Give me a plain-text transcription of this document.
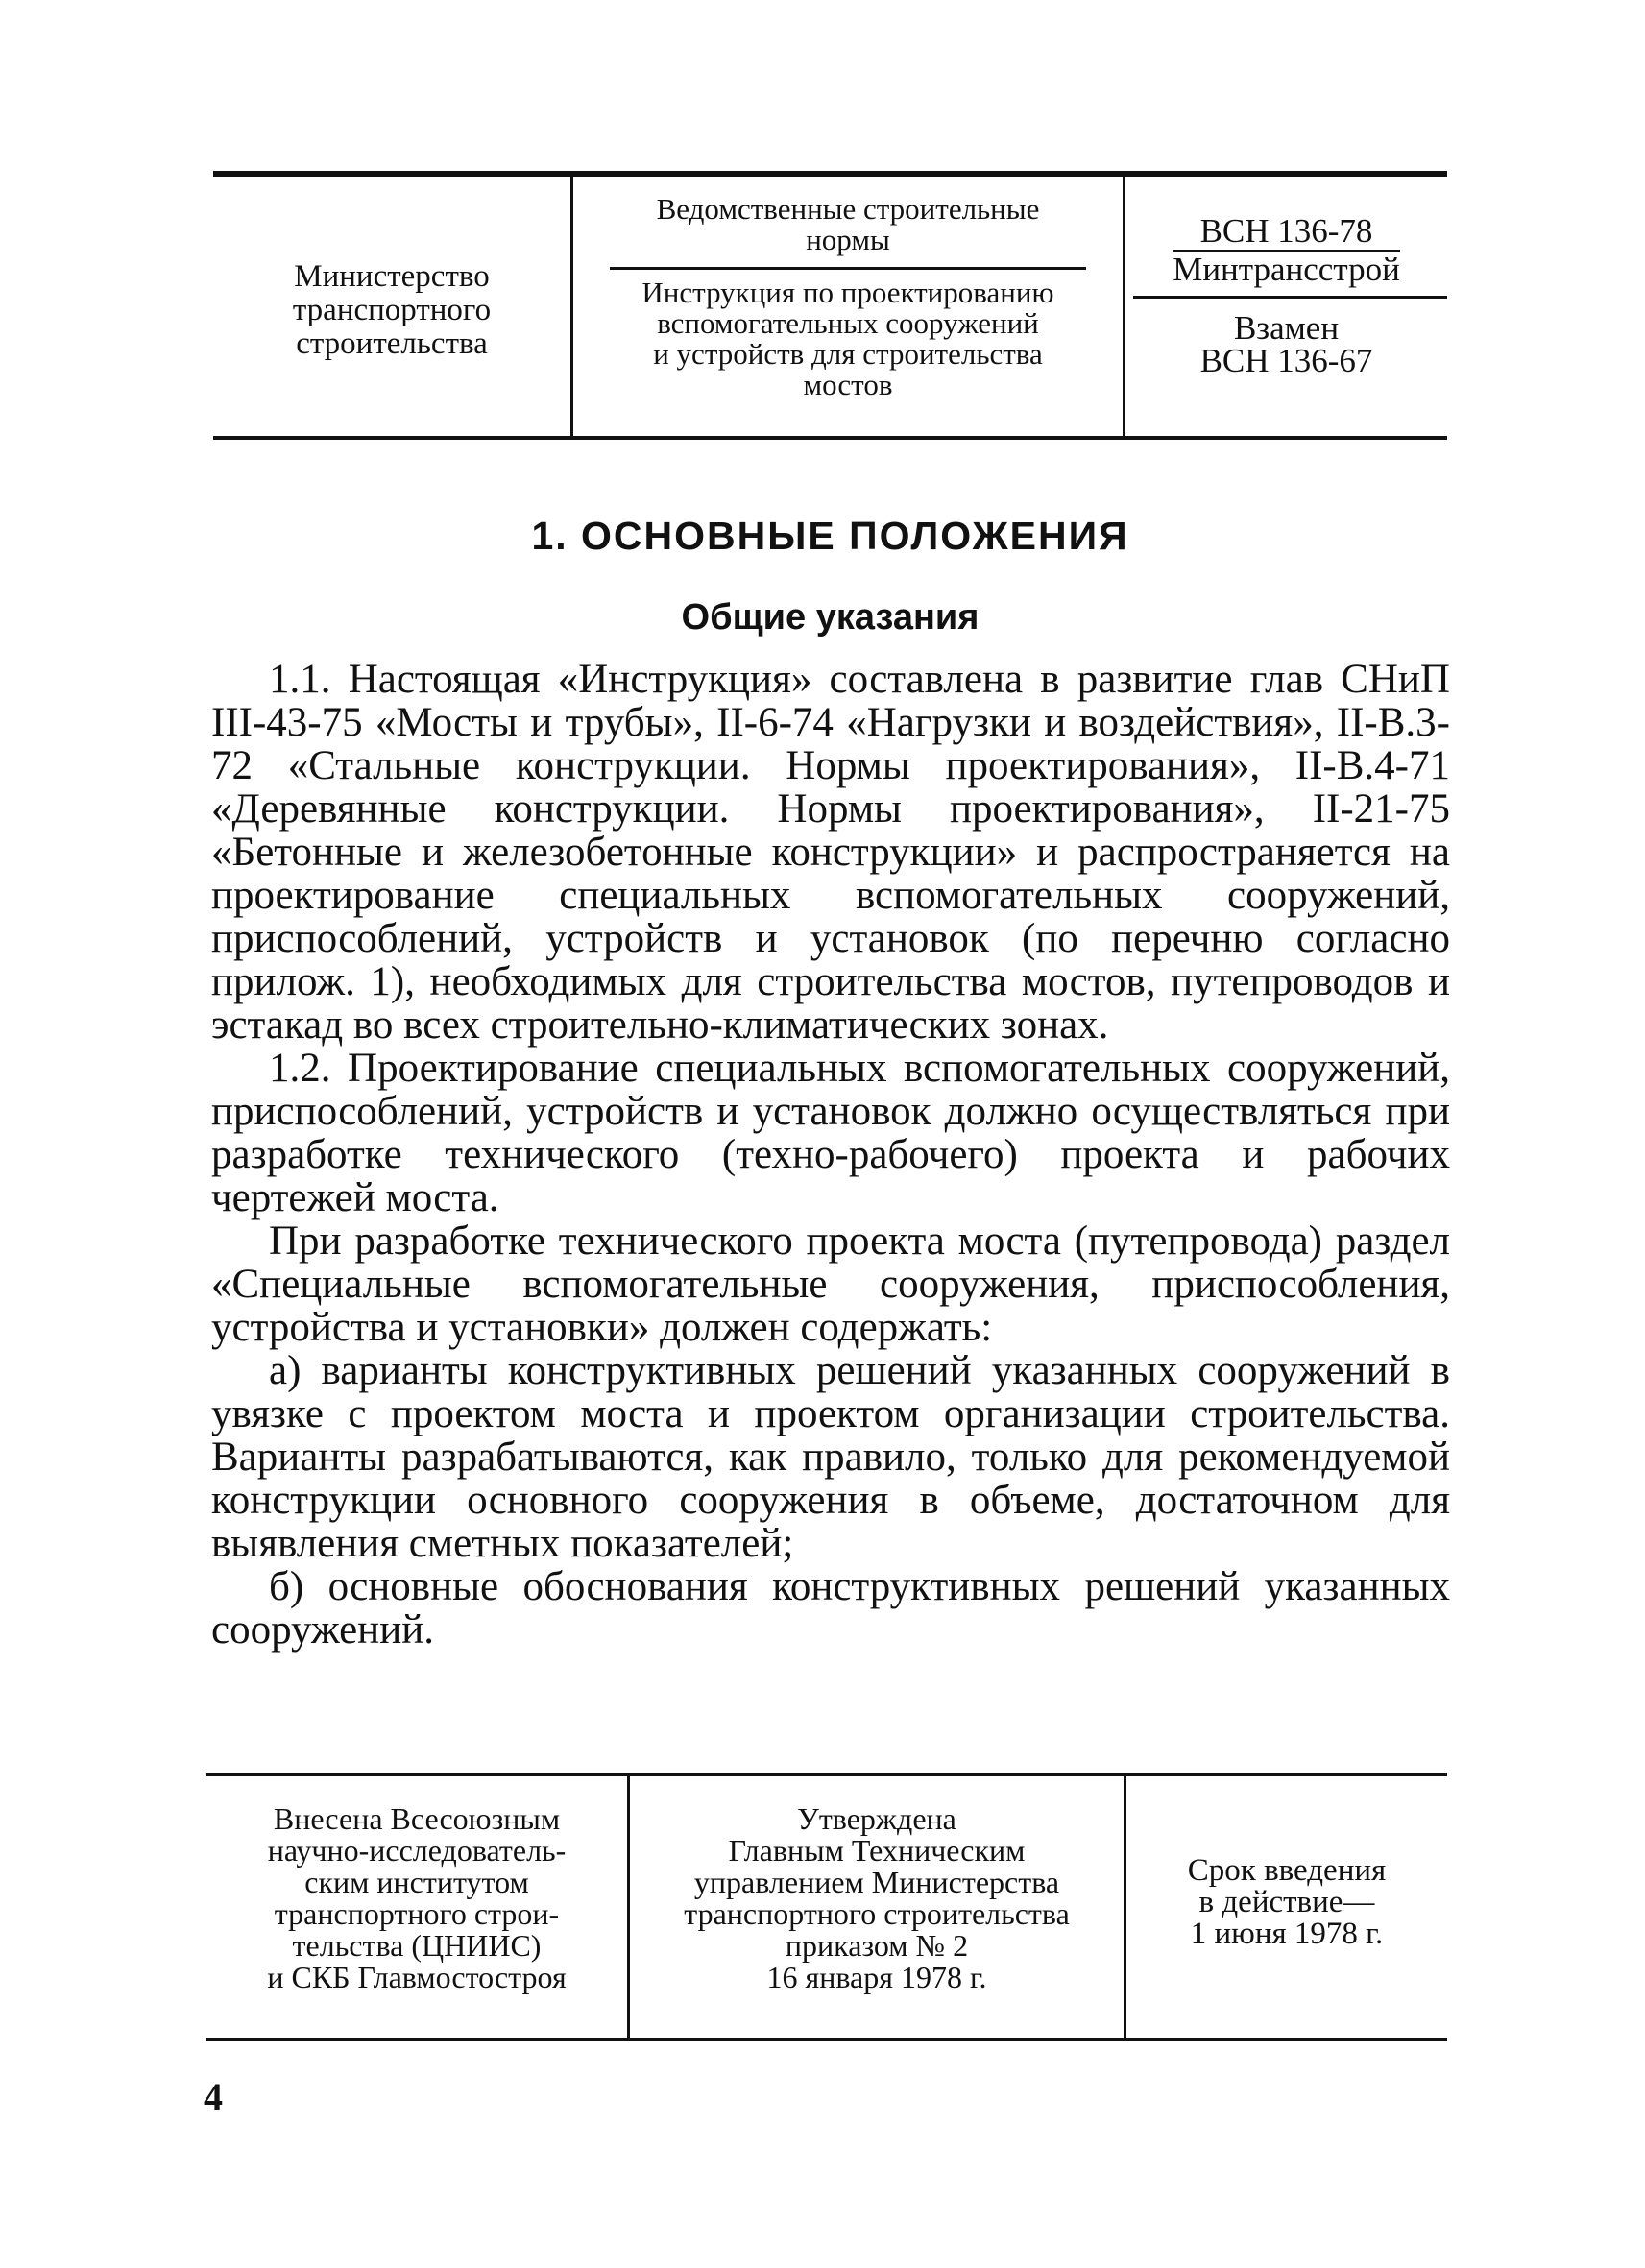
Министерство
транспортного
строительства
Ведомственные строительные
нормы
Инструкция по проектированию
вспомогательных сооружений
и устройств для строительства
мостов
ВСН 136-78
Минтрансстрой
Взамен
ВСН 136-67
1. ОСНОВНЫЕ ПОЛОЖЕНИЯ
Общие указания

1.1. Настоящая «Инструкция» составлена в развитие глав СНиП III-43-75 «Мосты и трубы», II-6-74 «Нагрузки и воздействия», II-В.3-72 «Стальные конструкции. Нормы проектирования», II-В.4-71 «Деревянные конструкции. Нормы проектирования», II-21-75 «Бетонные и железобетонные конструкции» и распространяется на проектирование специальных вспомогательных сооружений, приспособлений, устройств и установок (по перечню согласно прилож. 1), необходимых для строительства мостов, путепроводов и эстакад во всех строительно-климатических зонах.

1.2. Проектирование специальных вспомогательных сооружений, приспособлений, устройств и установок должно осуществляться при разработке технического (техно-рабочего) проекта и рабочих чертежей моста.

При разработке технического проекта моста (путепровода) раздел «Специальные вспомогательные сооружения, приспособления, устройства и установки» должен содержать:

а) варианты конструктивных решений указанных сооружений в увязке с проектом моста и проектом организации строительства. Варианты разрабатываются, как правило, только для рекомендуемой конструкции основного сооружения в объеме, достаточном для выявления сметных показателей;

б) основные обоснования конструктивных решений указанных сооружений.

Внесена Всесоюзным
научно-исследователь-
ским институтом
транспортного строи-
тельства (ЦНИИС)
и СКБ Главмостостроя
Утверждена
Главным Техническим
управлением Министерства
транспортного строительства
приказом № 2
16 января 1978 г.
Срок введения
в действие—
1 июня 1978 г.
4
